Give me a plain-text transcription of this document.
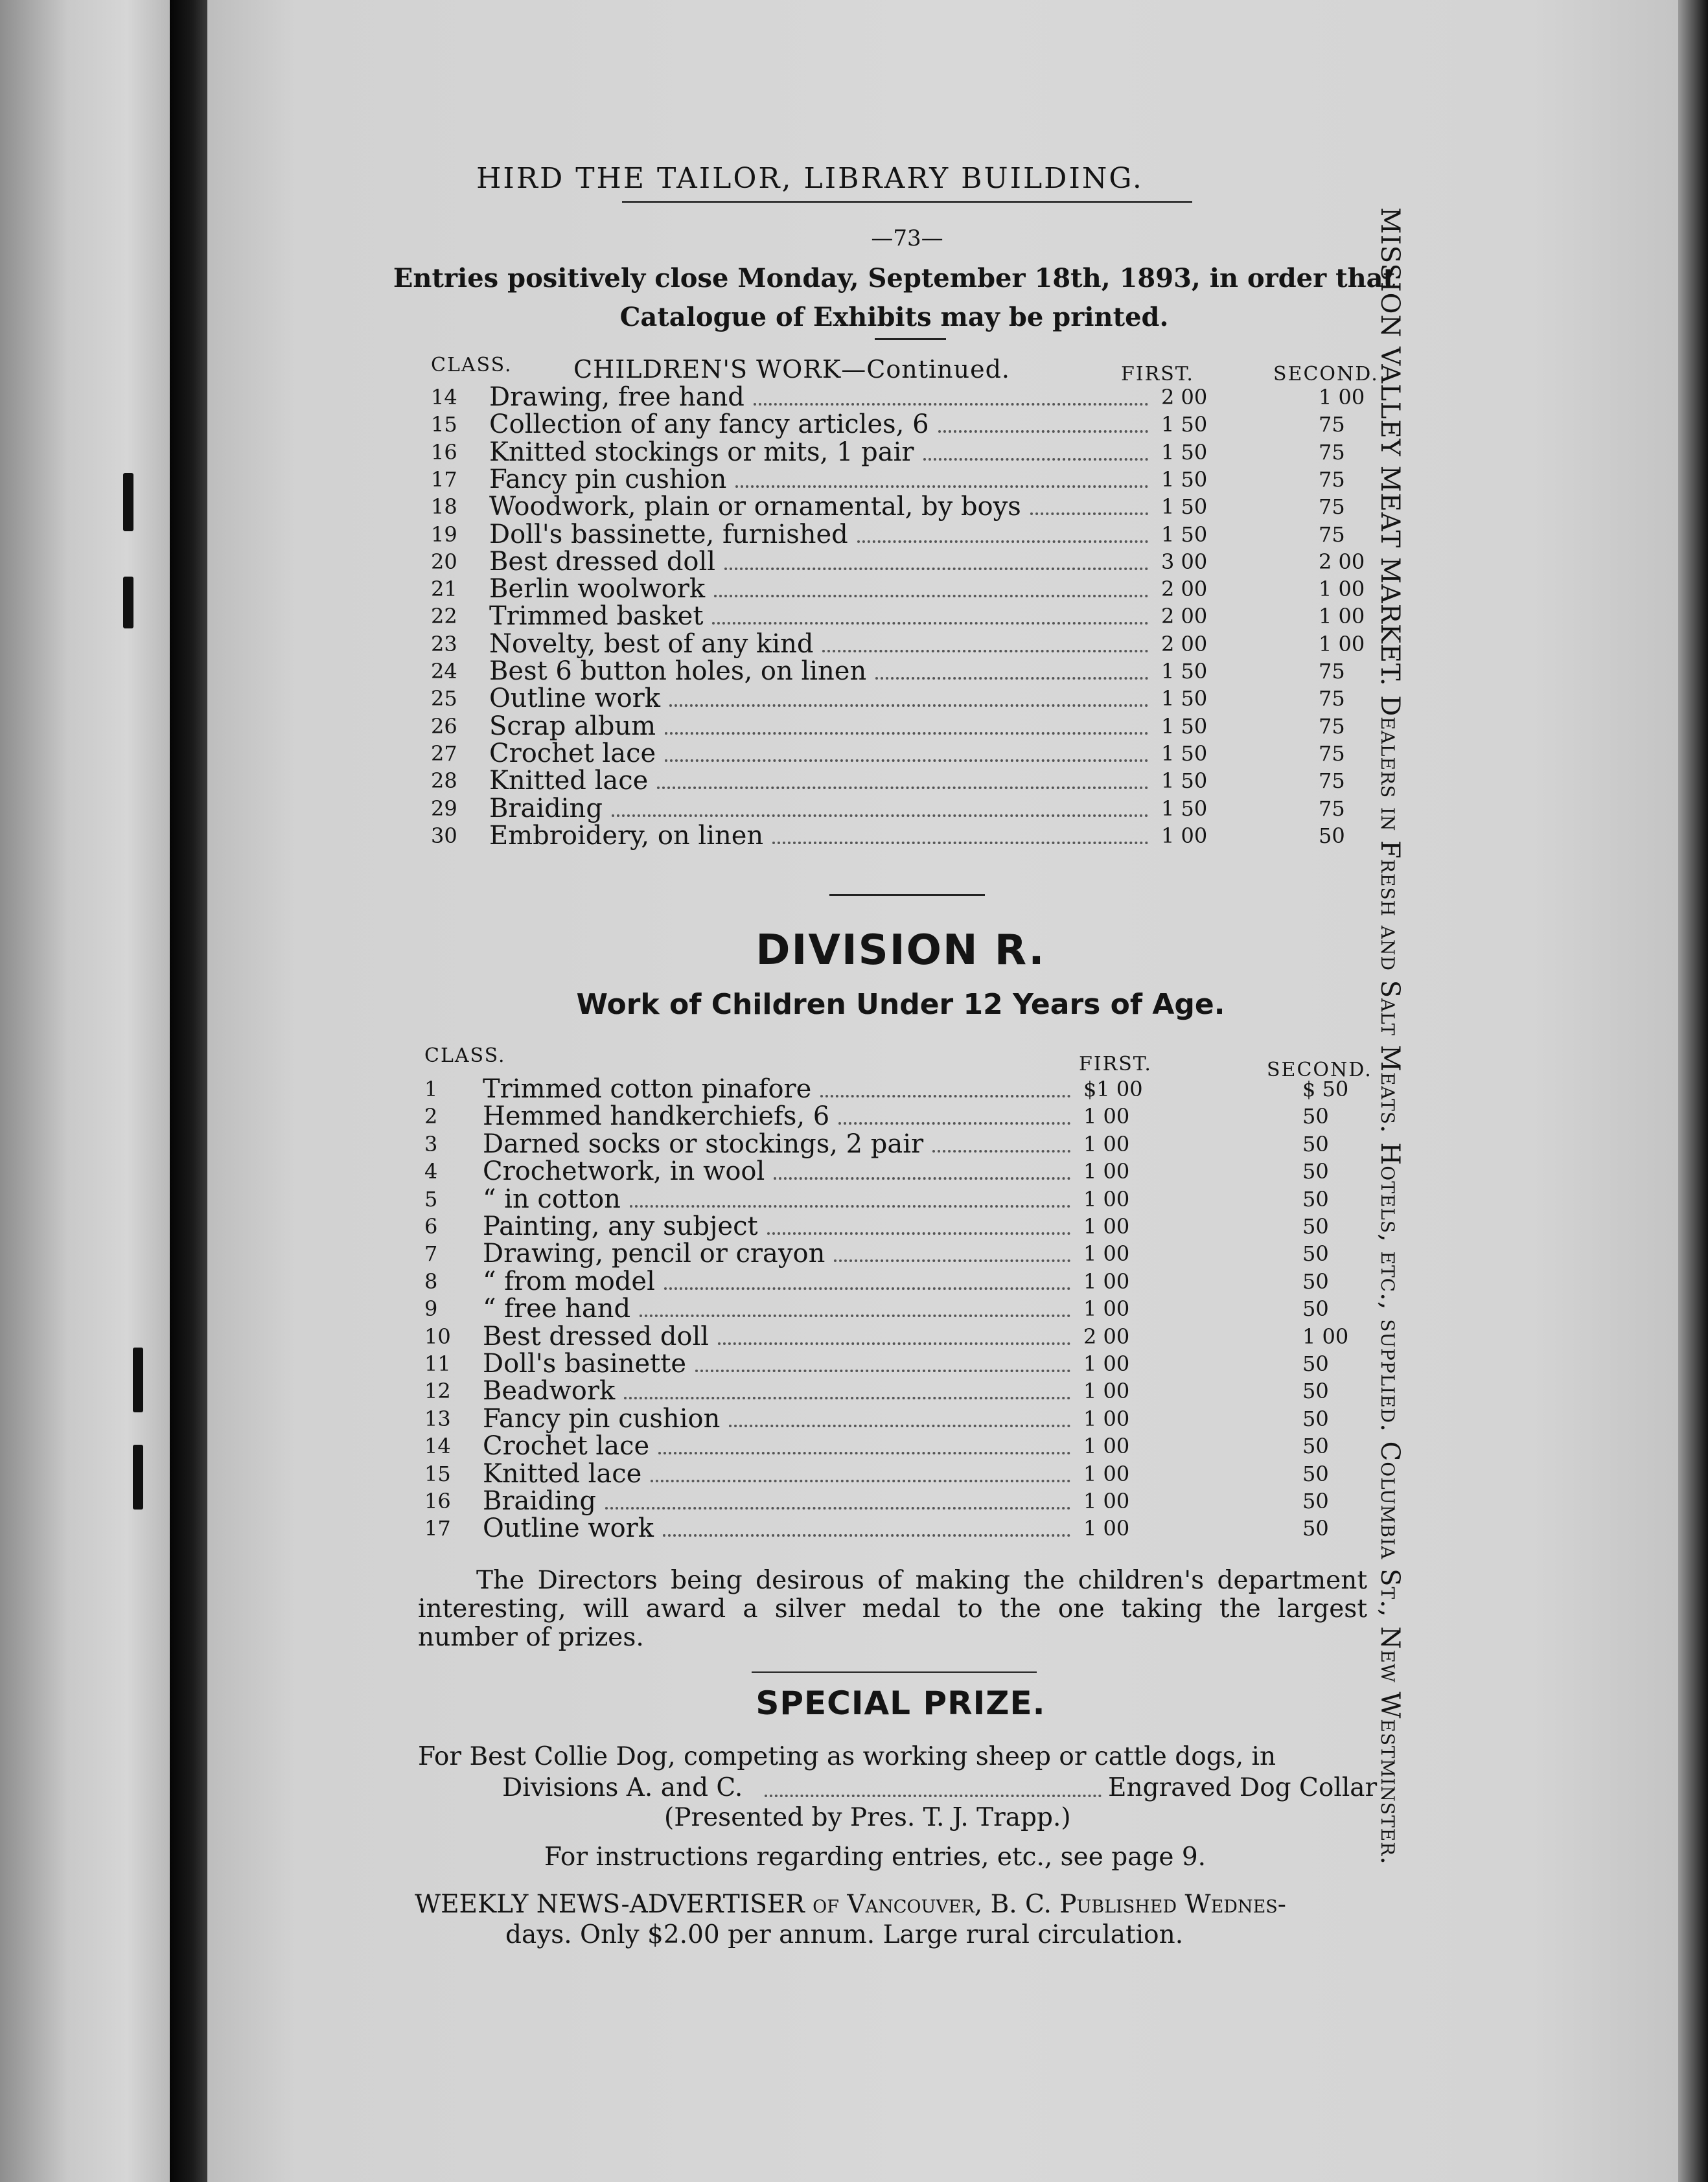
HIRD THE TAILOR, LIBRARY BUILDING.
—73—
Entries positively close Monday, September 18th, 1893, in order that
Catalogue of Exhibits may be printed.
CLASS. CHILDREN'S WORK—Continued.	FIRST.	SECOND.
14	Drawing, free hand	2 00	1 00
15	Collection of any fancy articles, 6	1 50	75
16	Knitted stockings or mits, 1 pair	1 50	75
17	Fancy pin cushion	1 50	75
18	Woodwork, plain or ornamental, by boys	1 50	75
19	Doll's bassinette, furnished	1 50	75
20	Best dressed doll	3 00	2 00
21	Berlin woolwork	2 00	1 00
22	Trimmed basket	2 00	1 00
23	Novelty, best of any kind	2 00	1 00
24	Best 6 button holes, on linen	1 50	75
25	Outline work	1 50	75
26	Scrap album	1 50	75
27	Crochet lace	1 50	75
28	Knitted lace	1 50	75
29	Braiding	1 50	75
30	Embroidery, on linen	1 00	50
DIVISION R.
Work of Children Under 12 Years of Age.
CLASS.	FIRST.	SECOND.
1	Trimmed cotton pinafore	$1 00	$ 50
2	Hemmed handkerchiefs, 6	1 00	50
3	Darned socks or stockings, 2 pair	1 00	50
4	Crochetwork, in wool	1 00	50
5	“ in cotton	1 00	50
6	Painting, any subject	1 00	50
7	Drawing, pencil or crayon	1 00	50
8	“ from model	1 00	50
9	“ free hand	1 00	50
10	Best dressed doll	2 00	1 00
11	Doll's basinette	1 00	50
12	Beadwork	1 00	50
13	Fancy pin cushion	1 00	50
14	Crochet lace	1 00	50
15	Knitted lace	1 00	50
16	Braiding	1 00	50
17	Outline work	1 00	50
The Directors being desirous of making the children's department interesting, will award a silver medal to the one taking the largest number of prizes.
SPECIAL PRIZE.
For Best Collie Dog, competing as working sheep or cattle dogs, in
Divisions A. and C.	Engraved Dog Collar
(Presented by Pres. T. J. Trapp.)
For instructions regarding entries, etc., see page 9.
WEEKLY NEWS-ADVERTISER of Vancouver, B. C. Published Wednes-
days. Only $2.00 per annum. Large rural circulation.
MISSION VALLEY MEAT MARKET. Dealers in Fresh and Salt Meats. Hotels, etc., supplied. Columbia St., New Westminster.
